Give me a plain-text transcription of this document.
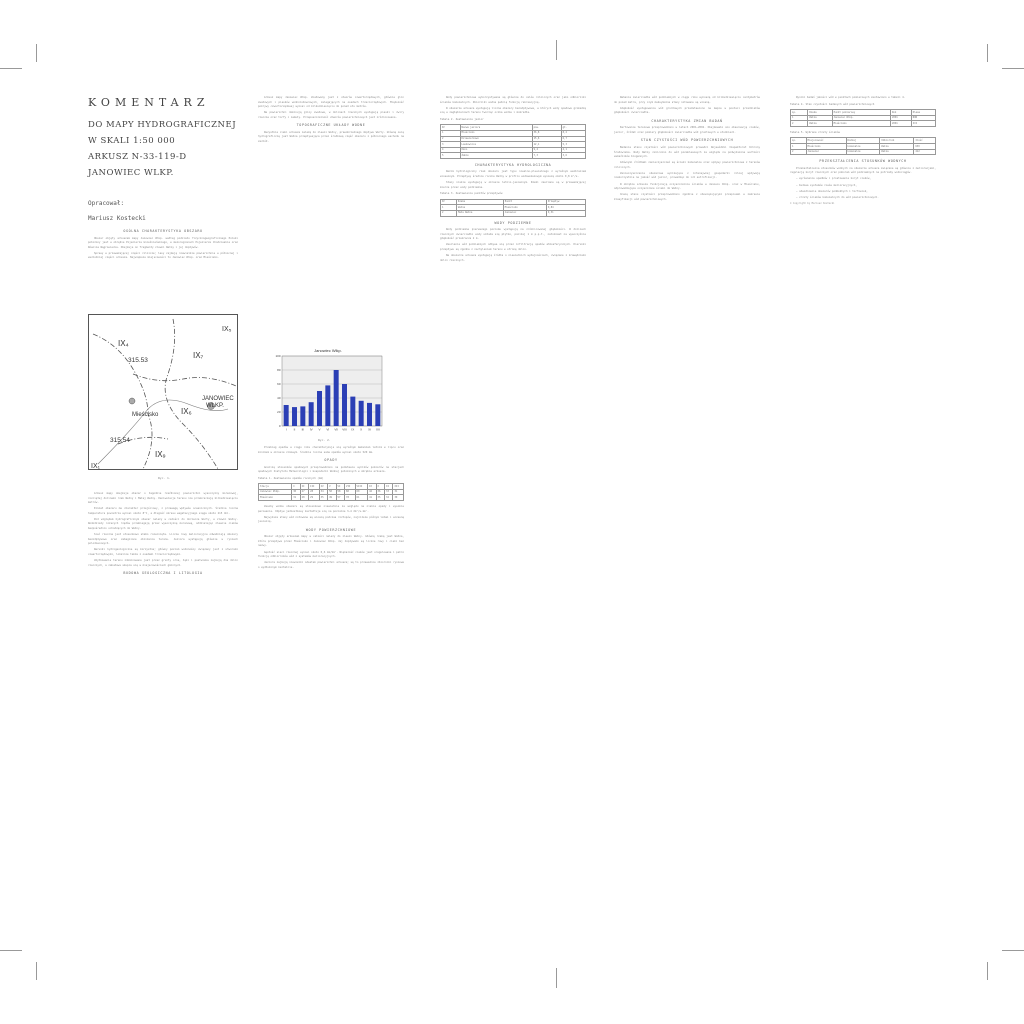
KOMENTARZ
DO MAPY HYDROGRAFICZNEJ
W SKALI 1:50 000
ARKUSZ N-33-119-D
JANOWIEC WLKP.
Opracował:
Mariusz Kostecki
OGÓLNA CHARAKTERYSTYKA OBSZARU

Obszar objęty arkuszem mapy Janowiec Wlkp. według podziału fizycznogeograficznego Polski położony jest w obrębie Pojezierza Gnieźnieńskiego, w mezoregionach Pojezierze Chodzieskie oraz Równina Wągrowiecka. Obejmuje on fragmenty zlewni Wełny i jej dopływów.

Sprawy w przeważającej części rolnicze; lasy zajmują niewielkie powierzchnie w północnej i wschodniej części arkusza. Największe miejscowości to Janowiec Wlkp. oraz Mieścisko.

IX₄
IX₇
IX₅
IX₆
IX₉
IX₁
315.53
315.54
Mieścisko
JANOWIEC
WLKP.
Ryc. 1.

Arkusz mapy obejmuje obszar o łagodnie rzeźbionej powierzchni wysoczyzny morenowej, rozciętej dolinami rzek Wełny i Małej Wełny. Deniwelacje terenu nie przekraczają kilkudziesięciu metrów.

Klimat obszaru ma charakter przejściowy, z przewagą wpływów oceanicznych. Średnia roczna temperatura powietrza wynosi około 8°C, a długość okresu wegetacyjnego sięga około 215 dni.

Pod względem hydrograficznym obszar należy w całości do dorzecza Warty, w zlewni Wełny. Wododziały niższych rzędów przebiegają przez wysoczyznę morenową, oddzielając zlewnie cieków bezpośrednio uchodzących do Wełny.

Sieć rzeczna jest stosunkowo słabo rozwinięta. Liczne rowy melioracyjne odwadniają obszary bezodpływowe oraz zabagnione obniżenia terenu. Jeziora występują głównie w rynnach polodowcowych.

Warunki hydrogeologiczne są korzystne; główny poziom wodonośny związany jest z utworami czwartorzędowymi, lokalnie także z osadami trzeciorzędowymi.

Użytkowanie terenu zdominowane jest przez grunty orne, łąki i pastwiska zajmują dna dolin rzecznych, a zabudowa skupia się w miejscowościach gminnych.

BUDOWA GEOLOGICZNA I LITOLOGIA

Arkusz mapy Janowiec Wlkp. zbudowany jest z utworów czwartorzędowych, głównie glin zwałowych i piasków wodnolodowcowych, zalegających na osadach trzeciorzędowych. Miąższość pokrywy czwartorzędowej wynosi od kilkudziesięciu do ponad stu metrów.

Na powierzchni dominują gliny zwałowe, w dolinach rzecznych występują piaski i żwiry rzeczne oraz torfy i namuły. Przepuszczalność utworów powierzchniowych jest zróżnicowana.

TOPOGRAFICZNE UKŁADY WODNE

Wszystkie cieki arkusza należą do zlewni Wełny, prawobrzeżnego dopływu Warty. Główną osią hydrograficzną jest Wełna przepływająca przez środkową część obszaru z północnego wschodu na zachód.

Janowiec Wlkp.
0
20
40
60
80
100
I II III IV V VI VII VIII IX X XI XII
Ryc. 2.

Przebieg opadów w ciągu roku charakteryzuje się wyraźnym maksimum letnim w lipcu oraz minimum w okresie zimowym. Średnia roczna suma opadów wynosi około 520 mm.

OPADY

Analizę stosunków opadowych przeprowadzono na podstawie wyników pomiarów na stacjach opadowych Instytutu Meteorologii i Gospodarki Wodnej położonych w obrębie arkusza.

Tabela 1. Zestawienie opadów rocznych (mm)
Stacja	I	II	III	IV	V	VI	VII	VIII	IX	X	XI	XII
Janowiec Wlkp.	30	27	28	34	50	58	80	60	42	36	33	31
Mieścisko	31	28	29	35	49	57	78	61	41	35	32	30

Zasoby wodne obszaru są stosunkowo niewielkie ze względu na niskie opady i wysokie parowanie. Odpływ jednostkowy kształtuje się na poziomie 3–4 dm³/s·km².

Najwyższe stany wód notowane są wiosną podczas roztopów, najniższe późnym latem i wczesną jesienią.

WODY POWIERZCHNIOWE

Obszar objęty arkuszem mapy w całości należy do zlewni Wełny. Główną rzeką jest Wełna, która przepływa przez Mieścisko i Janowiec Wlkp. Jej dopływami są liczne rowy i cieki bez nazwy.

Gęstość sieci rzecznej wynosi około 0,6 km/km². Większość cieków jest uregulowana i pełni funkcję odbiorników wód z systemów melioracyjnych.

Jeziora zajmują niewielki odsetek powierzchni arkusza; są to przeważnie zbiorniki rynnowe o wydłużonym kształcie.

Wody powierzchniowe wykorzystywane są głównie do celów rolniczych oraz jako odbiorniki ścieków komunalnych. Zbiorniki wodne pełnią funkcję rekreacyjną.

W obszarze arkusza występują liczne obszary bezodpływowe, w których wody opadowe gromadzą się w zagłębieniach terenu tworząc oczka wodne i mokradła.

Tabela 2. Zestawienie jezior
Nr	Nazwa jeziora	pow.	gł.
1	Mieścisko	36,8	8,2
2	Dziewierzewo	15,6	6,7
3	Laskownica	12,1	5,3
4	Ośno	9,4	4,1
5	Żabno	7,3	3,6
CHARAKTERYSTYKA HYDROLOGICZNA

Reżim hydrologiczny rzek obszaru jest typu niwalno-pluwialnego z wyraźnym wezbraniem wiosennym. Przepływy średnie roczne Wełny w profilu wodowskazowym wynoszą około 0,8 m³/s.

Stany niskie występują w okresie letnio-jesiennym. Rzeki zasilane są w przeważającej mierze przez wody podziemne.

Tabela 3. Zestawienie punktów przepływów
Nr	Rzeka	Punkt	Przepływ
1	Wełna	Mieścisko	0,84
2	Mała Wełna	Janowiec	0,31
WODY PODZIEMNE

Wody podziemne pierwszego poziomu występują na zróżnicowanej głębokości. W dolinach rzecznych zwierciadło wody układa się płytko, poniżej 1 m p.p.t., natomiast na wysoczyźnie głębokość przekracza 2 m.

Zasilanie wód podziemnych odbywa się przez infiltrację opadów atmosferycznych. Kierunki przepływu są zgodne z nachyleniem terenu w stronę dolin.

Na obszarze arkusza występują źródła o niewielkich wydajnościach, związane z krawędziami dolin rzecznych.

Wahania zwierciadła wód podziemnych w ciągu roku wynoszą od kilkudziesięciu centymetrów do ponad metra, przy czym maksymalne stany notowane są wiosną.

Głębokość występowania wód gruntowych przedstawiono na mapie w postaci przedziałów głębokości zwierciadła.

CHARAKTERYSTYKA ZMIAN BADAŃ

Kartowanie terenowe przeprowadzono w latach 2001–2002. Obejmowało ono obserwację cieków, jezior, źródeł oraz pomiary głębokości zwierciadła wód gruntowych w studniach.

STAN CZYSTOŚCI WÓD POWIERZCHNIOWYCH

Badania stanu czystości wód powierzchniowych prowadzi Wojewódzki Inspektorat Ochrony Środowiska. Wody Wełny zaliczono do wód pozaklasowych ze względu na podwyższone wartości wskaźników biogennych.

Głównymi źródłami zanieczyszczeń są ścieki komunalne oraz spływy powierzchniowe z terenów rolniczych.

Zanieczyszczenia obszarowe wynikające z intensywnej gospodarki rolnej wpływają niekorzystnie na jakość wód jezior, prowadząc do ich eutrofizacji.

W obrębie arkusza funkcjonują oczyszczalnie ścieków w Janowcu Wlkp. oraz w Mieścisku, odprowadzające oczyszczone ścieki do Wełny.

Ocenę stanu czystości przeprowadzono zgodnie z obowiązującymi przepisami w zakresie klasyfikacji wód powierzchniowych.

Wyniki badań jakości wód w punktach pomiarowych zestawiono w tabeli 4.

Tabela 4. Stan czystości badanych wód powierzchniowych
Lp.	Rzeka	Punkt pomiarowy	Rok	Klasa
1	Wełna	Janowiec Wlkp.	2001	NON
2	Wełna	Mieścisko	2001	III
Tabela 5. Wybrane zrzuty ścieków
Lp.	Miejscowość	Rodzaj	Odbiornik	Ilość
1	Mieścisko	komunalne	Wełna	630
2	Janowiec	komunalne	Wełna	412
PRZEKSZTAŁCENIA STOSUNKÓW WODNYCH

Przekształcenia stosunków wodnych na obszarze arkusza związane są głównie z melioracjami, regulacją koryt rzecznych oraz poborem wód podziemnych na potrzeby wodociągów.

– wyrównanie spadków i prostowanie koryt cieków,

– budowa systemów rowów melioracyjnych,

– odwodnienie obszarów podmokłych i torfowisk,

– zrzuty ścieków komunalnych do wód powierzchniowych.

© Copyright by Mariusz Kostecki
